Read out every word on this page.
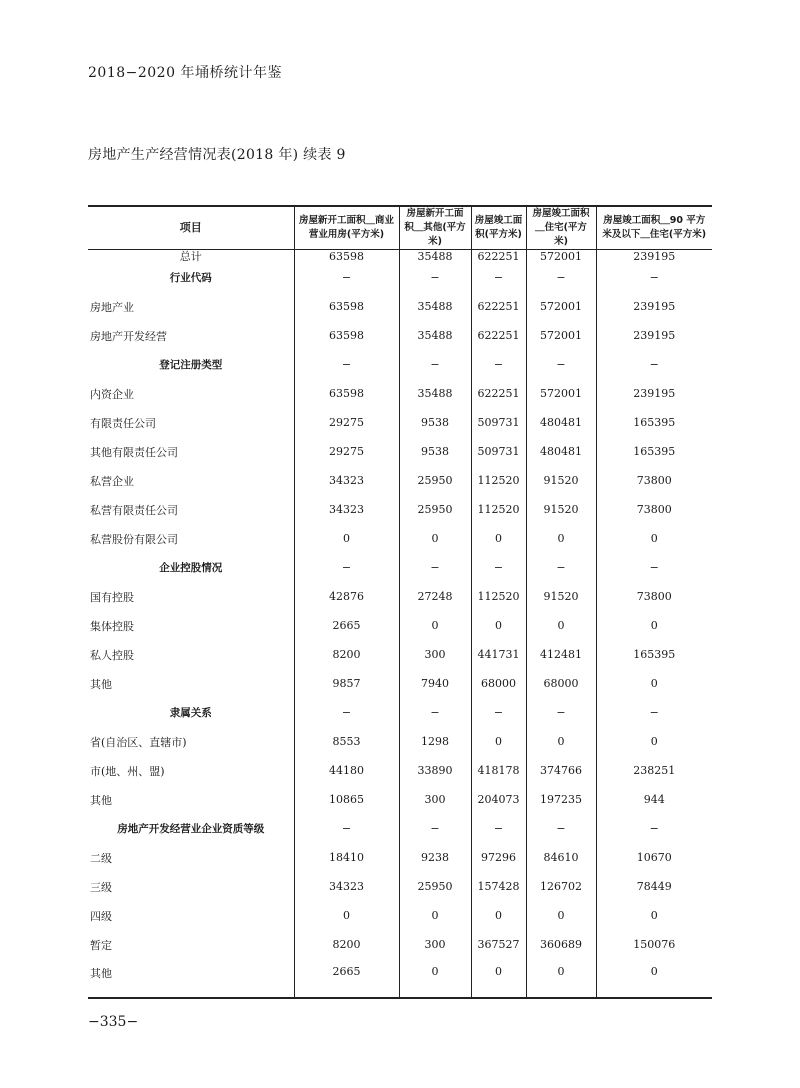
2018−2020 年埇桥统计年鉴
房地产生产经营情况表(2018 年) 续表 9
项目	房屋新开工面积＿商业营业用房(平方米)	房屋新开工面积＿其他(平方米)	房屋竣工面积(平方米)	房屋竣工面积＿住宅(平方米)	房屋竣工面积＿90 平方米及以下＿住宅(平方米)
总计	63598	35488	622251	572001	239195
行业代码	−	−	−	−	−
房地产业	63598	35488	622251	572001	239195
房地产开发经营	63598	35488	622251	572001	239195
登记注册类型	−	−	−	−	−
内资企业	63598	35488	622251	572001	239195
有限责任公司	29275	9538	509731	480481	165395
其他有限责任公司	29275	9538	509731	480481	165395
私营企业	34323	25950	112520	91520	73800
私营有限责任公司	34323	25950	112520	91520	73800
私营股份有限公司	0	0	0	0	0
企业控股情况	−	−	−	−	−
国有控股	42876	27248	112520	91520	73800
集体控股	2665	0	0	0	0
私人控股	8200	300	441731	412481	165395
其他	9857	7940	68000	68000	0
隶属关系	−	−	−	−	−
省(自治区、直辖市)	8553	1298	0	0	0
市(地、州、盟)	44180	33890	418178	374766	238251
其他	10865	300	204073	197235	944
房地产开发经营业企业资质等级	−	−	−	−	−
二级	18410	9238	97296	84610	10670
三级	34323	25950	157428	126702	78449
四级	0	0	0	0	0
暂定	8200	300	367527	360689	150076
其他	2665	0	0	0	0
−335−
